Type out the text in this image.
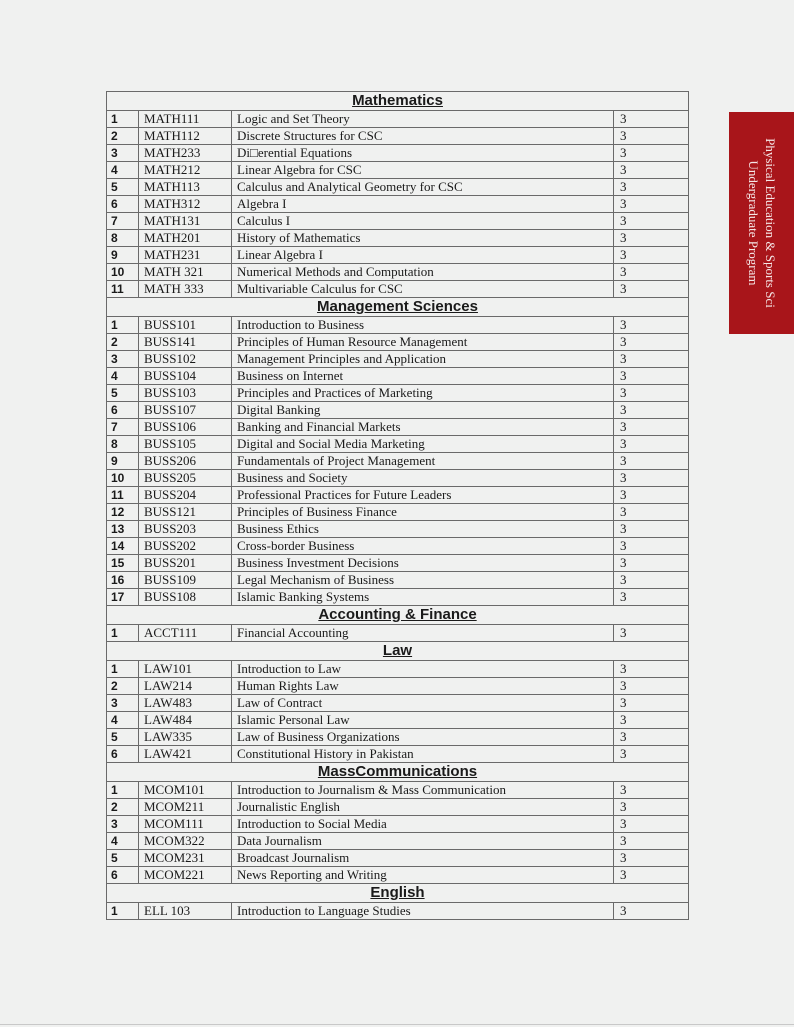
Physical Education & Sports Sci
Undergraduate Program
Mathematics			
1	MATH111	Logic and Set Theory	3
2	MATH112	Discrete Structures for CSC	3
3	MATH233	Di□erential Equations	3
4	MATH212	Linear Algebra for CSC	3
5	MATH113	Calculus and Analytical Geometry for CSC	3
6	MATH312	Algebra I	3
7	MATH131	Calculus I	3
8	MATH201	History of Mathematics	3
9	MATH231	Linear Algebra I	3
10	MATH 321	Numerical Methods and Computation	3
11	MATH 333	Multivariable Calculus for CSC	3
Management Sciences			
1	BUSS101	Introduction to Business	3
2	BUSS141	Principles of Human Resource Management	3
3	BUSS102	Management Principles and Application	3
4	BUSS104	Business on Internet	3
5	BUSS103	Principles and Practices of Marketing	3
6	BUSS107	Digital Banking	3
7	BUSS106	Banking and Financial Markets	3
8	BUSS105	Digital and Social Media Marketing	3
9	BUSS206	Fundamentals of Project Management	3
10	BUSS205	Business and Society	3
11	BUSS204	Professional Practices for Future Leaders	3
12	BUSS121	Principles of Business Finance	3
13	BUSS203	Business Ethics	3
14	BUSS202	Cross-border Business	3
15	BUSS201	Business Investment Decisions	3
16	BUSS109	Legal Mechanism of Business	3
17	BUSS108	Islamic Banking Systems	3
Accounting & Finance			
1	ACCT111	Financial Accounting	3
Law			
1	LAW101	Introduction to Law	3
2	LAW214	Human Rights Law	3
3	LAW483	Law of Contract	3
4	LAW484	Islamic Personal Law	3
5	LAW335	Law of Business Organizations	3
6	LAW421	Constitutional History in Pakistan	3
MassCommunications			
1	MCOM101	Introduction to Journalism & Mass Communication	3
2	MCOM211	Journalistic English	3
3	MCOM111	Introduction to Social Media	3
4	MCOM322	Data Journalism	3
5	MCOM231	Broadcast Journalism	3
6	MCOM221	News Reporting and Writing	3
English			
1	ELL 103	Introduction to Language Studies	3
